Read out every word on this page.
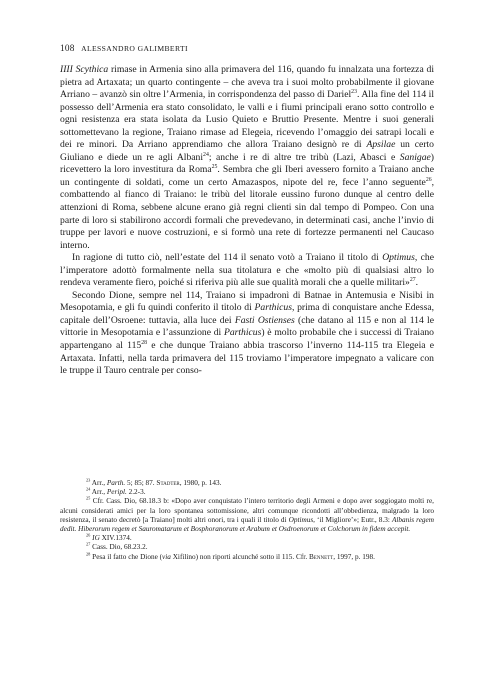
108 ALESSANDRO GALIMBERTI

IIII Scythica rimase in Armenia sino alla primavera del 116, quando fu innalzata una fortezza di pietra ad Artaxata; un quarto contingente – che aveva tra i suoi molto probabilmente il giovane Arriano – avanzò sin oltre l’Armenia, in corrispondenza del passo di Dariel$^{23}$. Alla fine del 114 il possesso dell’Armenia era stato consolidato, le valli e i fiumi principali erano sotto controllo e ogni resistenza era stata isolata da Lusio Quieto e Bruttio Presente. Mentre i suoi generali sottomettevano la regione, Traiano rimase ad Elegeia, ricevendo l’omaggio dei satrapi locali e dei re minori. Da Arriano apprendiamo che allora Traiano designò re di Apsilae un certo Giuliano e diede un re agli Albani$^{24}$; anche i re di altre tre tribù (Lazi, Abasci e Sanigae) ricevettero la loro investitura da Roma$^{25}$. Sembra che gli Iberi avessero fornito a Traiano anche un contingente di soldati, come un certo Amazaspos, nipote del re, fece l’anno seguente$^{26}$, combattendo al fianco di Traiano: le tribù del litorale eussino furono dunque al centro delle attenzioni di Roma, sebbene alcune erano già regni clienti sin dal tempo di Pompeo. Con una parte di loro si stabilirono accordi formali che prevedevano, in determinati casi, anche l’invio di truppe per lavori e nuove costruzioni, e si formò una rete di fortezze permanenti nel Caucaso interno.

In ragione di tutto ciò, nell’estate del 114 il senato votò a Traiano il titolo di Optimus, che l’imperatore adottò formalmente nella sua titolatura e che «molto più di qualsiasi altro lo rendeva veramente fiero, poiché si riferiva più alle sue qualità morali che a quelle militari»$^{27}$.

Secondo Dione, sempre nel 114, Traiano si impadronì di Batnae in Antemusia e Nisibi in Mesopotamia, e gli fu quindi conferito il titolo di Parthicus, prima di conquistare anche Edessa, capitale dell’Osroene: tuttavia, alla luce dei Fasti Ostienses (che datano al 115 e non al 114 le vittorie in Mesopotamia e l’assunzione di Parthicus) è molto probabile che i successi di Traiano appartengano al $115^{28}$ e che dunque Traiano abbia trascorso l’inverno 114-115 tra Elegeia e Artaxata. Infatti, nella tarda primavera del 115 troviamo l’imperatore impegnato a valicare con le truppe il Tauro centrale per conso-

$^{23}$ Arr., Parth. 5; 85; 87. Stadter, 1980, p. 143.

$^{24}$ Arr., Peripl. 2.2-3.

$^{25}$ Cfr. Cass. Dio, 68.18.3 b: «Dopo aver conquistato l’intero territorio degli Armeni e dopo aver soggiogato molti re, alcuni considerati amici per la loro spontanea sottomissione, altri comunque ricondotti all’obbedienza, malgrado la loro resistenza, il senato decretò [a Traiano] molti altri onori, tra i quali il titolo di Optimus, ‘il Migliore’»; Eutr., 8.3: Albanis regem dedit. Hiberorum regem et Sauromatarum et Bosphoranorum et Arabum et Osdroenorum et Colchorum in fidem accepit.

$^{26}$ IG XIV.1374.

$^{27}$ Cass. Dio, 68.23.2.

$^{28}$ Pesa il fatto che Dione (via Xifilino) non riporti alcunché sotto il 115. Cfr. Bennett, 1997, p. 198.
